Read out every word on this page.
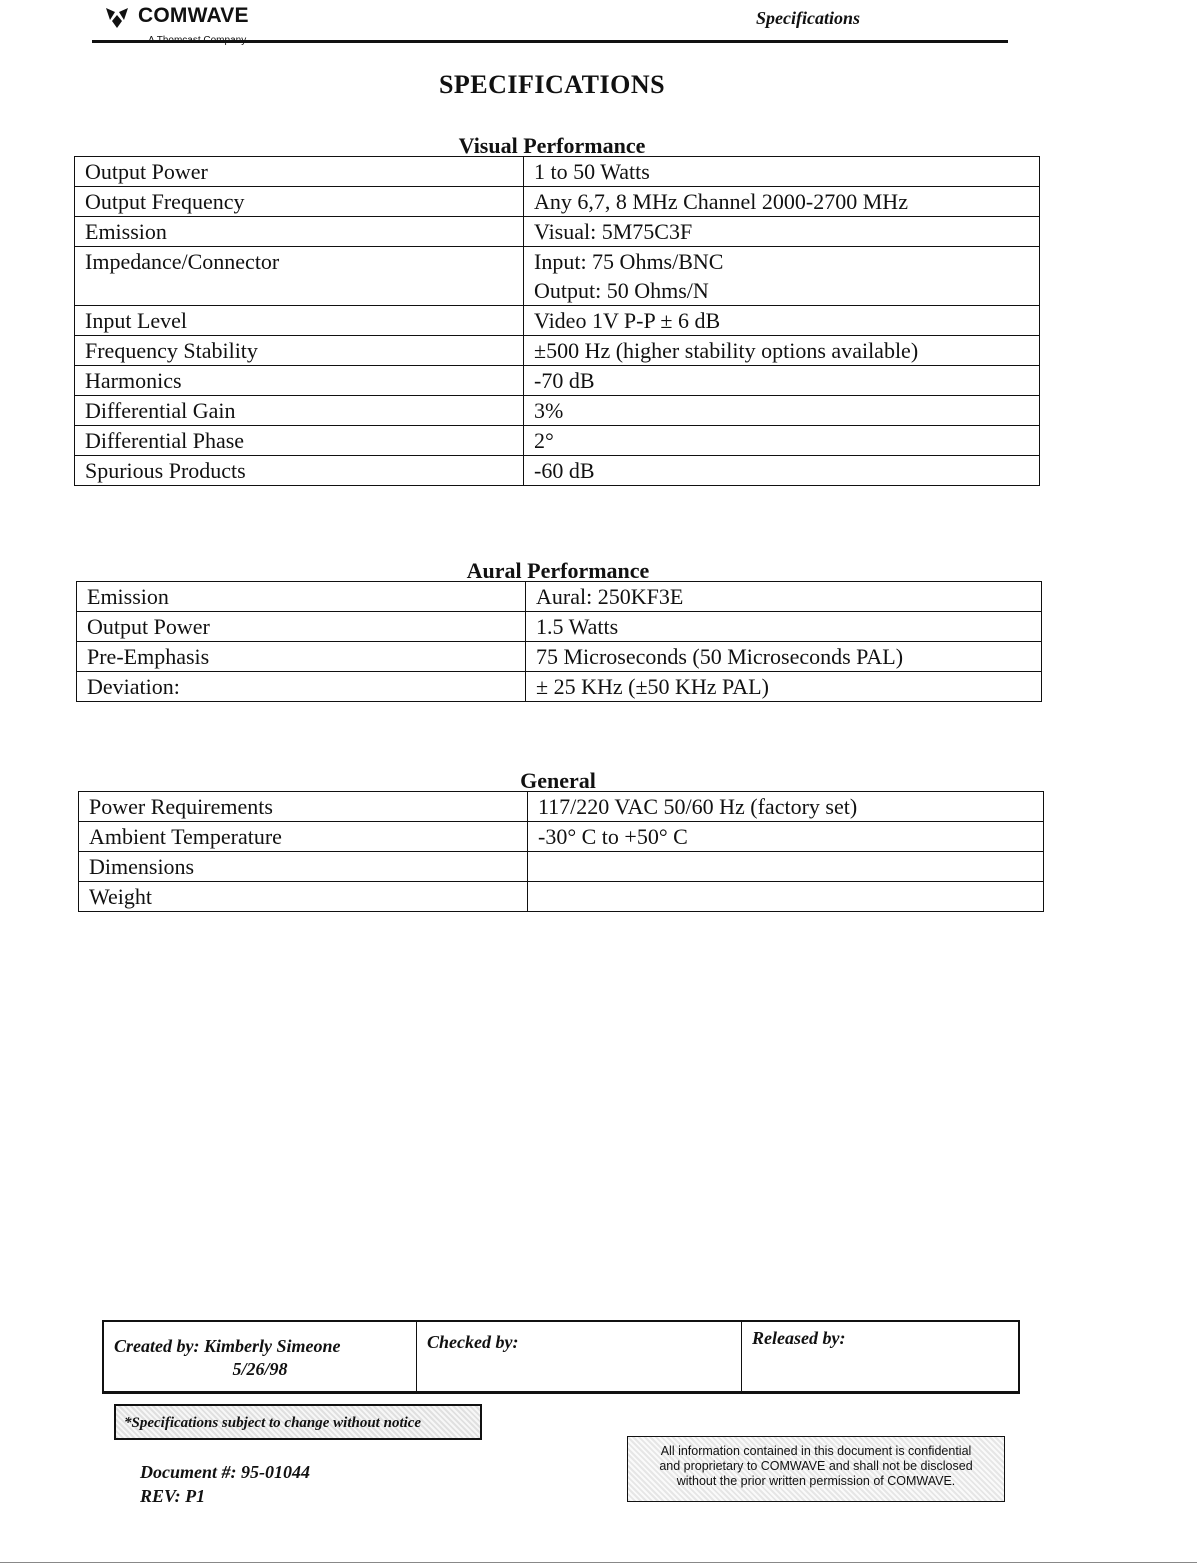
COMWAVE
A Thomcast Company
Specifications
SPECIFICATIONS
Visual Performance
Output Power	1 to 50 Watts
Output Frequency	Any 6,7, 8 MHz Channel 2000-2700 MHz
Emission	Visual: 5M75C3F
Impedance/Connector	Input: 75 Ohms/BNC
Output: 50 Ohms/N

Input Level	Video 1V P-P ± 6 dB
Frequency Stability	±500 Hz (higher stability options available)
Harmonics	-70 dB
Differential Gain	3%
Differential Phase	2°
Spurious Products	-60 dB
Aural Performance
Emission	Aural: 250KF3E
Output Power	1.5 Watts
Pre-Emphasis	75 Microseconds (50 Microseconds PAL)
Deviation:	± 25 KHz (±50 KHz PAL)
General
Power Requirements	117/220 VAC 50/60 Hz (factory set)
Ambient Temperature	-30° C to +50° C
Dimensions	
Weight	
Created by: Kimberly Simeone
5/26/98
	Checked by:	Released by:
*Specifications subject to change without notice
Document #: 95-01044
REV: P1
All information contained in this document is confidential
and proprietary to COMWAVE and shall not be disclosed
without the prior written permission of COMWAVE.
